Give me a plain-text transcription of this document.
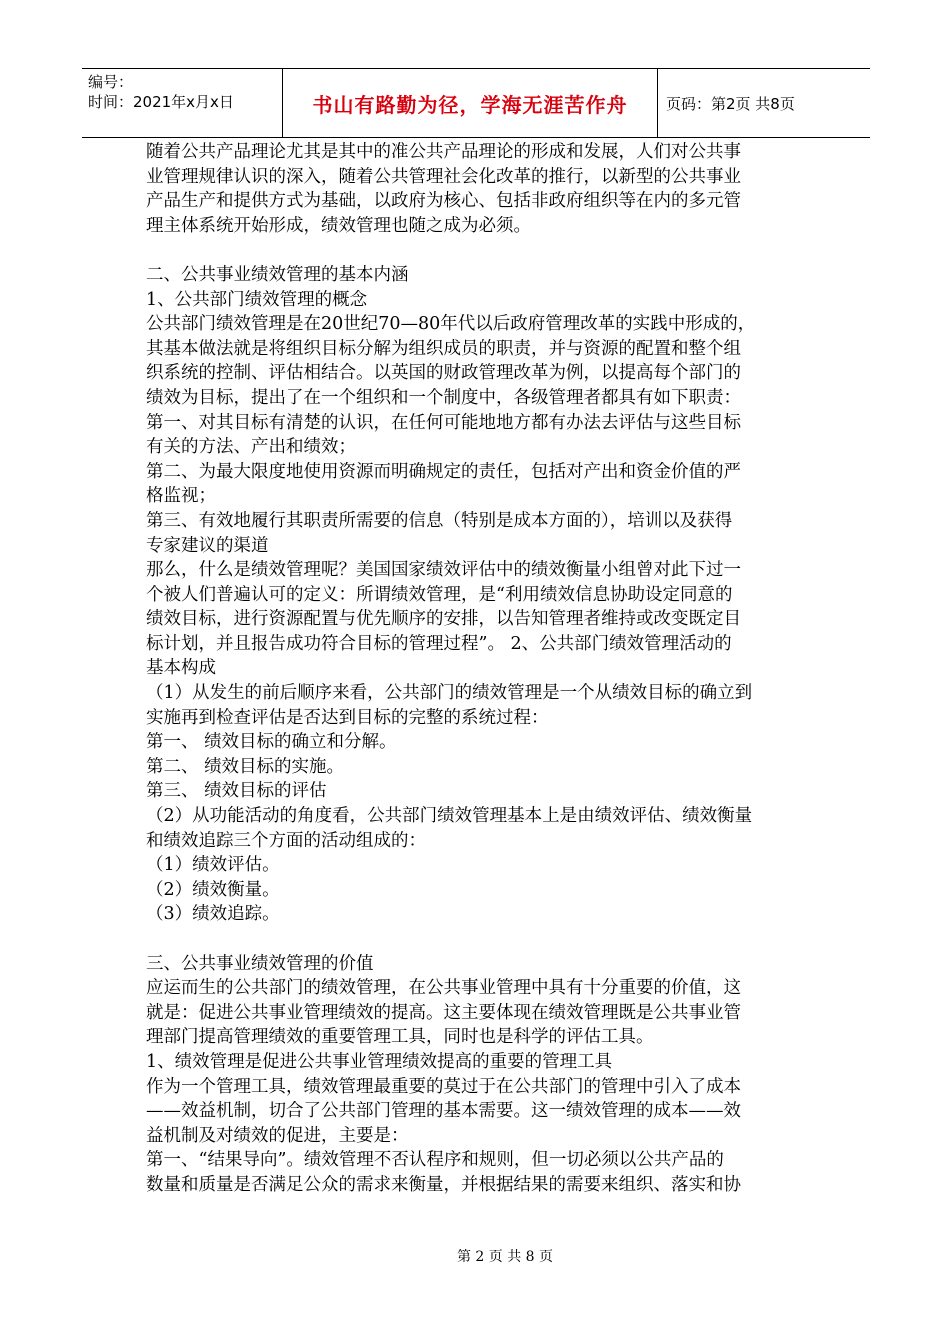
编号：
时间：2021年x月x日	书山有路勤为径，学海无涯苦作舟	页码：第2页 共8页
随着公共产品理论尤其是其中的准公共产品理论的形成和发展，人们对公共事
业管理规律认识的深入，随着公共管理社会化改革的推行，以新型的公共事业
产品生产和提供方式为基础，以政府为核心、包括非政府组织等在内的多元管
理主体系统开始形成，绩效管理也随之成为必须。
二、公共事业绩效管理的基本内涵
1、公共部门绩效管理的概念
公共部门绩效管理是在20世纪70—80年代以后政府管理改革的实践中形成的，
其基本做法就是将组织目标分解为组织成员的职责，并与资源的配置和整个组
织系统的控制、评估相结合。以英国的财政管理改革为例，以提高每个部门的
绩效为目标，提出了在一个组织和一个制度中，各级管理者都具有如下职责：
第一、对其目标有清楚的认识，在任何可能地地方都有办法去评估与这些目标
有关的方法、产出和绩效；
第二、为最大限度地使用资源而明确规定的责任，包括对产出和资金价值的严
格监视；
第三、有效地履行其职责所需要的信息（特别是成本方面的），培训以及获得
专家建议的渠道
那么，什么是绩效管理呢？美国国家绩效评估中的绩效衡量小组曾对此下过一
个被人们普遍认可的定义：所谓绩效管理，是“利用绩效信息协助设定同意的
绩效目标，进行资源配置与优先顺序的安排，以告知管理者维持或改变既定目
标计划，并且报告成功符合目标的管理过程”。 2、公共部门绩效管理活动的
基本构成
（1）从发生的前后顺序来看，公共部门的绩效管理是一个从绩效目标的确立到
实施再到检查评估是否达到目标的完整的系统过程：
第一、 绩效目标的确立和分解。
第二、 绩效目标的实施。
第三、 绩效目标的评估
（2）从功能活动的角度看，公共部门绩效管理基本上是由绩效评估、绩效衡量
和绩效追踪三个方面的活动组成的：
（1）绩效评估。
（2）绩效衡量。
（3）绩效追踪。
三、公共事业绩效管理的价值
应运而生的公共部门的绩效管理，在公共事业管理中具有十分重要的价值，这
就是：促进公共事业管理绩效的提高。这主要体现在绩效管理既是公共事业管
理部门提高管理绩效的重要管理工具，同时也是科学的评估工具。
1、绩效管理是促进公共事业管理绩效提高的重要的管理工具
作为一个管理工具，绩效管理最重要的莫过于在公共部门的管理中引入了成本
——效益机制，切合了公共部门管理的基本需要。这一绩效管理的成本——效
益机制及对绩效的促进，主要是：
第一、“结果导向”。绩效管理不否认程序和规则，但一切必须以公共产品的
数量和质量是否满足公众的需求来衡量，并根据结果的需要来组织、落实和协
第 2 页 共 8 页
